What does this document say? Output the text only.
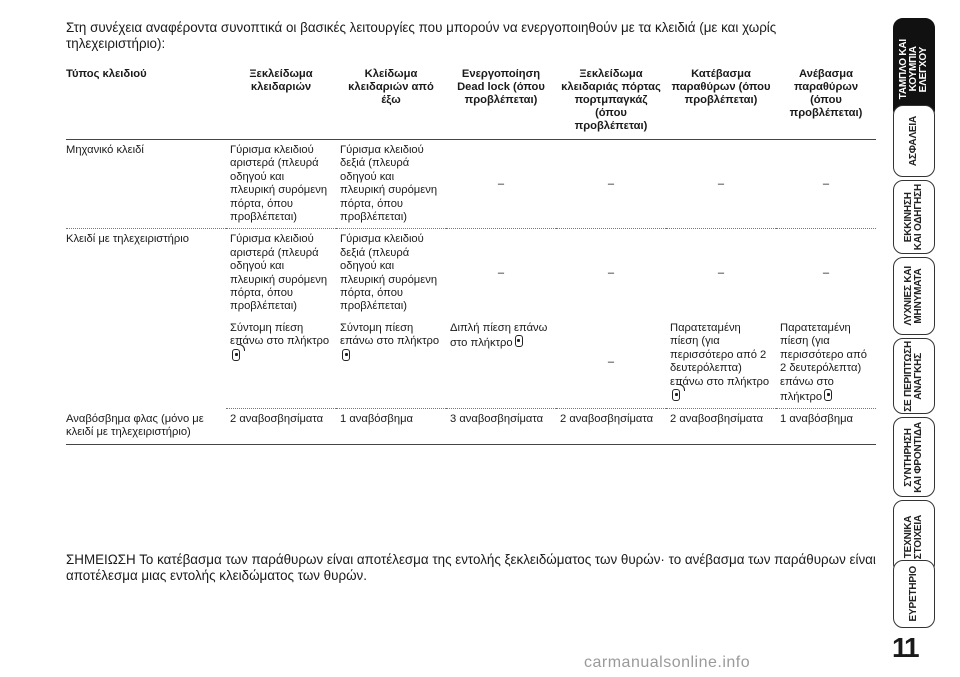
Στη συνέχεια αναφέροντα συνοπτικά οι βασικές λειτουργίες που μπορούν να ενεργοποιηθούν με τα κλειδιά (με και χωρίς τηλεχειριστήριο):
Τύπος κλειδιού	Ξεκλείδωμα κλειδαριών	Κλείδωμα κλειδαριών από έξω	Ενεργοποίηση Dead lock (όπου προβλέπεται)	Ξεκλείδωμα κλειδαριάς πόρτας πορτμπαγκάζ (όπου προβλέπεται)	Κατέβασμα παραθύρων (όπου προβλέπεται)	Ανέβασμα παραθύρων (όπου προβλέπεται)
Μηχανικό κλειδί	Γύρισμα κλειδιού αριστερά (πλευρά οδηγού και πλευρική συρόμενη πόρτα, όπου προβλέπεται)	Γύρισμα κλειδιού δεξιά (πλευρά οδηγού και πλευρική συρόμενη πόρτα, όπου προβλέπεται)	–	–	–	–
Κλειδί με τηλεχειριστήριο	Γύρισμα κλειδιού αριστερά (πλευρά οδηγού και πλευρική συρόμενη πόρτα, όπου προβλέπεται)	Γύρισμα κλειδιού δεξιά (πλευρά οδηγού και πλευρική συρόμενη πόρτα, όπου προβλέπεται)	–	–	–	–
	Σύντομη πίεση επάνω στο πλήκτρο	Σύντομη πίεση επάνω στο πλήκτρο	Διπλή πίεση επάνω στο πλήκτρο	–	Παρατεταμένη πίεση (για περισσότερο από 2 δευτερόλεπτα) επάνω στο πλήκτρο	Παρατεταμένη πίεση (για περισσότερο από 2 δευτερόλεπτα) επάνω στο πλήκτρο
Αναβόσβημα φλας (μόνο με κλειδί με τηλεχειριστήριο)	2 αναβοσβησίματα	1 αναβόσβημα	3 αναβοσβησίματα	2 αναβοσβησίματα	2 αναβοσβησίματα	1 αναβόσβημα
ΣΗΜΕΙΩΣΗ Το κατέβασμα των παράθυρων είναι αποτέλεσμα της εντολής ξεκλειδώματος των θυρών· το ανέβασμα των παράθυρων είναι αποτέλεσμα μιας εντολής κλειδώματος των θυρών.
ΤΑΜΠΛΟ ΚΑΙ
ΚΟΥΜΠΙΑ
ΕΛΕΓΧΟΥ
ΑΣΦΑΛΕΙΑ
ΕΚΚΙΝΗΣΗ
ΚΑΙ ΟΔΗΓΗΣΗ
ΛΥΧΝΙΕΣ ΚΑΙ
ΜΗΝΥΜΑΤΑ
ΣΕ ΠΕΡΙΠΤΩΣΗ
ΑΝΑΓΚΗΣ
ΣΥΝΤΗΡΗΣΗ
ΚΑΙ ΦΡΟΝΤΙΔΑ
ΤΕΧΝΙΚΑ
ΣΤΟΙΧΕΙΑ
ΕΥΡΕΤΗΡΙΟ
11
carmanualsonline.info
